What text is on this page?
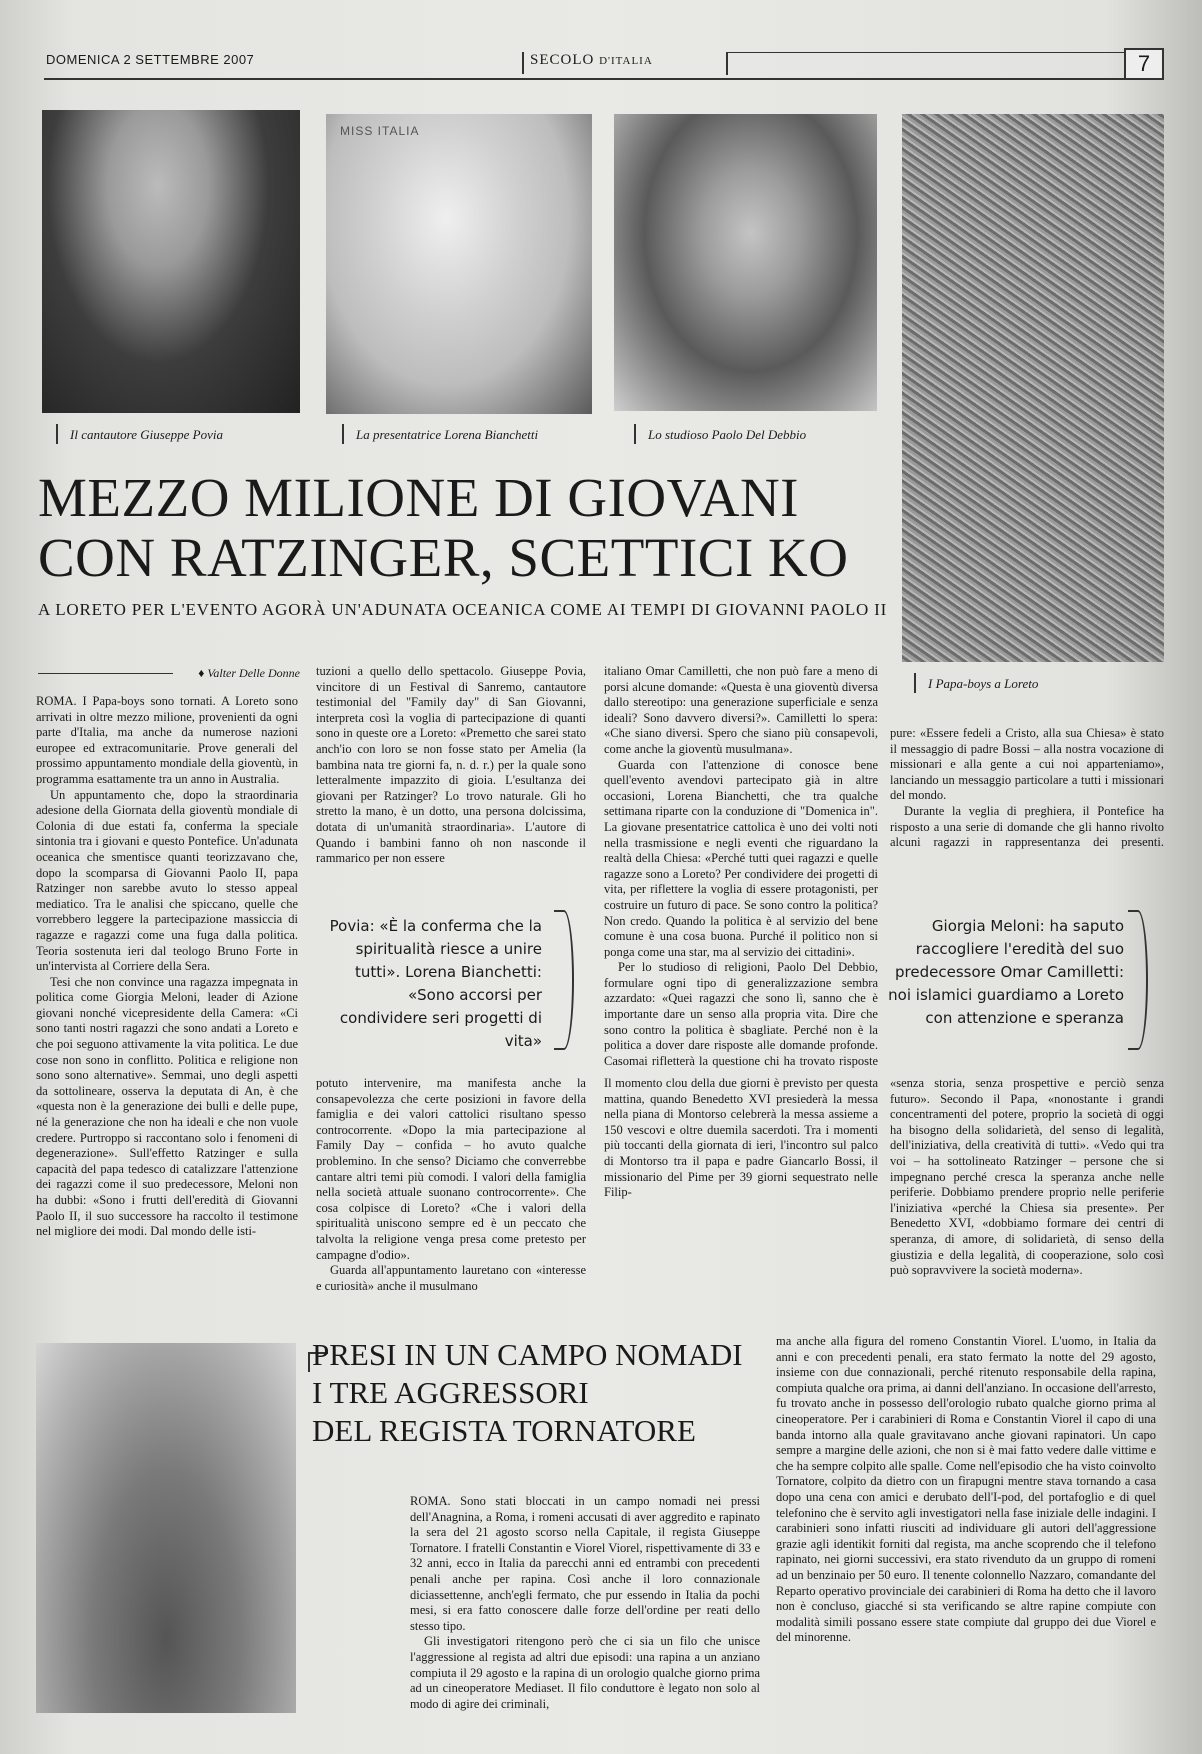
DOMENICA 2 SETTEMBRE 2007	SECOLO D'ITALIA	7
MISS ITALIA
Il cantautore Giuseppe Povia	La presentatrice Lorena Bianchetti	Lo studioso Paolo Del Debbio
I Papa-boys a Loreto
MEZZO MILIONE DI GIOVANI
CON RATZINGER, SCETTICI KO
A LORETO PER L'EVENTO AGORÀ UN'ADUNATA OCEANICA COME AI TEMPI DI GIOVANNI PAOLO II
♦ Valter Delle Donne

ROMA. I Papa-boys sono tornati. A Loreto sono arrivati in oltre mezzo milione, provenienti da ogni parte d'Italia, ma anche da numerose nazioni europee ed extracomunitarie. Prove generali del prossimo appuntamento mondiale della gioventù, in programma esattamente tra un anno in Australia.

Un appuntamento che, dopo la straordinaria adesione della Giornata della gioventù mondiale di Colonia di due estati fa, conferma la speciale sintonia tra i giovani e questo Pontefice. Un'adunata oceanica che smentisce quanti teorizzavano che, dopo la scomparsa di Giovanni Paolo II, papa Ratzinger non sarebbe avuto lo stesso appeal mediatico. Tra le analisi che spiccano, quelle che vorrebbero leggere la partecipazione massiccia di ragazze e ragazzi come una fuga dalla politica. Teoria sostenuta ieri dal teologo Bruno Forte in un'intervista al Corriere della Sera.

Tesi che non convince una ragazza impegnata in politica come Giorgia Meloni, leader di Azione giovani nonché vicepresidente della Camera: «Ci sono tanti nostri ragazzi che sono andati a Loreto e che poi seguono attivamente la vita politica. Le due cose non sono in conflitto. Politica e religione non sono sono alternative». Semmai, uno degli aspetti da sottolineare, osserva la deputata di An, è che «questa non è la generazione dei bulli e delle pupe, né la generazione che non ha ideali e che non vuole credere. Purtroppo si raccontano solo i fenomeni di degenerazione». Sull'effetto Ratzinger e sulla capacità del papa tedesco di catalizzare l'attenzione dei ragazzi come il suo predecessore, Meloni non ha dubbi: «Sono i frutti dell'eredità di Giovanni Paolo II, il suo successore ha raccolto il testimone nel migliore dei modi. Dal mondo delle isti-

tuzioni a quello dello spettacolo. Giuseppe Povia, vincitore di un Festival di Sanremo, cantautore testimonial del "Family day" di San Giovanni, interpreta così la voglia di partecipazione di quanti sono in queste ore a Loreto: «Premetto che sarei stato anch'io con loro se non fosse stato per Amelia (la bambina nata tre giorni fa, n. d. r.) per la quale sono letteralmente impazzito di gioia. L'esultanza dei giovani per Ratzinger? Lo trovo naturale. Gli ho stretto la mano, è un dotto, una persona dolcissima, dotata di un'umanità straordinaria». L'autore di Quando i bambini fanno oh non nasconde il rammarico per non essere

italiano Omar Camilletti, che non può fare a meno di porsi alcune domande: «Questa è una gioventù diversa dallo stereotipo: una generazione superficiale e senza ideali? Sono davvero diversi?». Camilletti lo spera: «Che siano diversi. Spero che siano più consapevoli, come anche la gioventù musulmana».

Guarda con l'attenzione di conosce bene quell'evento avendovi partecipato già in altre occasioni, Lorena Bianchetti, che tra qualche settimana riparte con la conduzione di "Domenica in". La giovane presentatrice cattolica è uno dei volti noti nella trasmissione e negli eventi che riguardano la realtà della Chiesa: «Perché tutti quei ragazzi e quelle ragazze sono a Loreto? Per condividere dei progetti di vita, per riflettere la voglia di essere protagonisti, per costruire un futuro di pace. Se sono contro la politica? Non credo. Quando la politica è al servizio del bene comune è una cosa buona. Purché il politico non si ponga come una star, ma al servizio dei cittadini».

Per lo studioso di religioni, Paolo Del Debbio, formulare ogni tipo di generalizzazione sembra azzardato: «Quei ragazzi che sono lì, sanno che è importante dare un senso alla propria vita. Dire che sono contro la politica è sbagliate. Perché non è la politica a dover dare risposte alle domande profonde. Casomai rifletterà la questione chi ha trovato risposte

pure: «Essere fedeli a Cristo, alla sua Chiesa» è stato il messaggio di padre Bossi – alla nostra vocazione di missionari e alla gente a cui noi apparteniamo», lanciando un messaggio particolare a tutti i missionari del mondo.

Durante la veglia di preghiera, il Pontefice ha risposto a una serie di domande che gli hanno rivolto alcuni ragazzi in rappresentanza dei presenti.

Povia: «È la conferma che la spiritualità riesce a unire tutti». Lorena Bianchetti: «Sono accorsi per condividere seri progetti di vita»
Giorgia Meloni: ha saputo raccogliere l'eredità del suo predecessore Omar Camilletti: noi islamici guardiamo a Loreto con attenzione e speranza

potuto intervenire, ma manifesta anche la consapevolezza che certe posizioni in favore della famiglia e dei valori cattolici risultano spesso controcorrente. «Dopo la mia partecipazione al Family Day – confida – ho avuto qualche problemino. In che senso? Diciamo che converrebbe cantare altri temi più comodi. I valori della famiglia nella società attuale suonano controcorrente». Che cosa colpisce di Loreto? «Che i valori della spiritualità uniscono sempre ed è un peccato che talvolta la religione venga presa come pretesto per campagne d'odio».

Guarda all'appuntamento lauretano con «interesse e curiosità» anche il musulmano

Il momento clou della due giorni è previsto per questa mattina, quando Benedetto XVI presiederà la messa nella piana di Montorso celebrerà la messa assieme a 150 vescovi e oltre duemila sacerdoti. Tra i momenti più toccanti della giornata di ieri, l'incontro sul palco di Montorso tra il papa e padre Giancarlo Bossi, il missionario del Pime per 39 giorni sequestrato nelle Filip-

«senza storia, senza prospettive e perciò senza futuro». Secondo il Papa, «nonostante i grandi concentramenti del potere, proprio la società di oggi ha bisogno della solidarietà, del senso di legalità, dell'iniziativa, della creatività di tutti». «Vedo qui tra voi – ha sottolineato Ratzinger – persone che si impegnano perché cresca la speranza anche nelle periferie. Dobbiamo prendere proprio nelle periferie l'iniziativa «perché la Chiesa sia presente». Per Benedetto XVI, «dobbiamo formare dei centri di speranza, di amore, di solidarietà, di senso della giustizia e della legalità, di cooperazione, solo così può sopravvivere la società moderna».

PRESI IN UN CAMPO NOMADI
I TRE AGGRESSORI
DEL REGISTA TORNATORE

ROMA. Sono stati bloccati in un campo nomadi nei pressi dell'Anagnina, a Roma, i romeni accusati di aver aggredito e rapinato la sera del 21 agosto scorso nella Capitale, il regista Giuseppe Tornatore. I fratelli Constantin e Viorel Viorel, rispettivamente di 33 e 32 anni, ecco in Italia da parecchi anni ed entrambi con precedenti penali anche per rapina. Così anche il loro connazionale diciassettenne, anch'egli fermato, che pur essendo in Italia da pochi mesi, si era fatto conoscere dalle forze dell'ordine per reati dello stesso tipo.

Gli investigatori ritengono però che ci sia un filo che unisce l'aggressione al regista ad altri due episodi: una rapina a un anziano compiuta il 29 agosto e la rapina di un orologio qualche giorno prima ad un cineoperatore Mediaset. Il filo conduttore è legato non solo al modo di agire dei criminali,

ma anche alla figura del romeno Constantin Viorel. L'uomo, in Italia da anni e con precedenti penali, era stato fermato la notte del 29 agosto, insieme con due connazionali, perché ritenuto responsabile della rapina, compiuta qualche ora prima, ai danni dell'anziano. In occasione dell'arresto, fu trovato anche in possesso dell'orologio rubato qualche giorno prima al cineoperatore. Per i carabinieri di Roma e Constantin Viorel il capo di una banda intorno alla quale gravitavano anche giovani rapinatori. Un capo sempre a margine delle azioni, che non si è mai fatto vedere dalle vittime e che ha sempre colpito alle spalle. Come nell'episodio che ha visto coinvolto Tornatore, colpito da dietro con un fìrapugni mentre stava tornando a casa dopo una cena con amici e derubato dell'I-pod, del portafoglio e di quel telefonino che è servito agli investigatori nella fase iniziale delle indagini. I carabinieri sono infatti riusciti ad individuare gli autori dell'aggressione grazie agli identikit forniti dal regista, ma anche scoprendo che il telefono rapinato, nei giorni successivi, era stato rivenduto da un gruppo di romeni ad un benzinaio per 50 euro. Il tenente colonnello Nazzaro, comandante del Reparto operativo provinciale dei carabinieri di Roma ha detto che il lavoro non è concluso, giacché si sta verificando se altre rapine compiute con modalità simili possano essere state compiute dal gruppo dei due Viorel e del minorenne.
